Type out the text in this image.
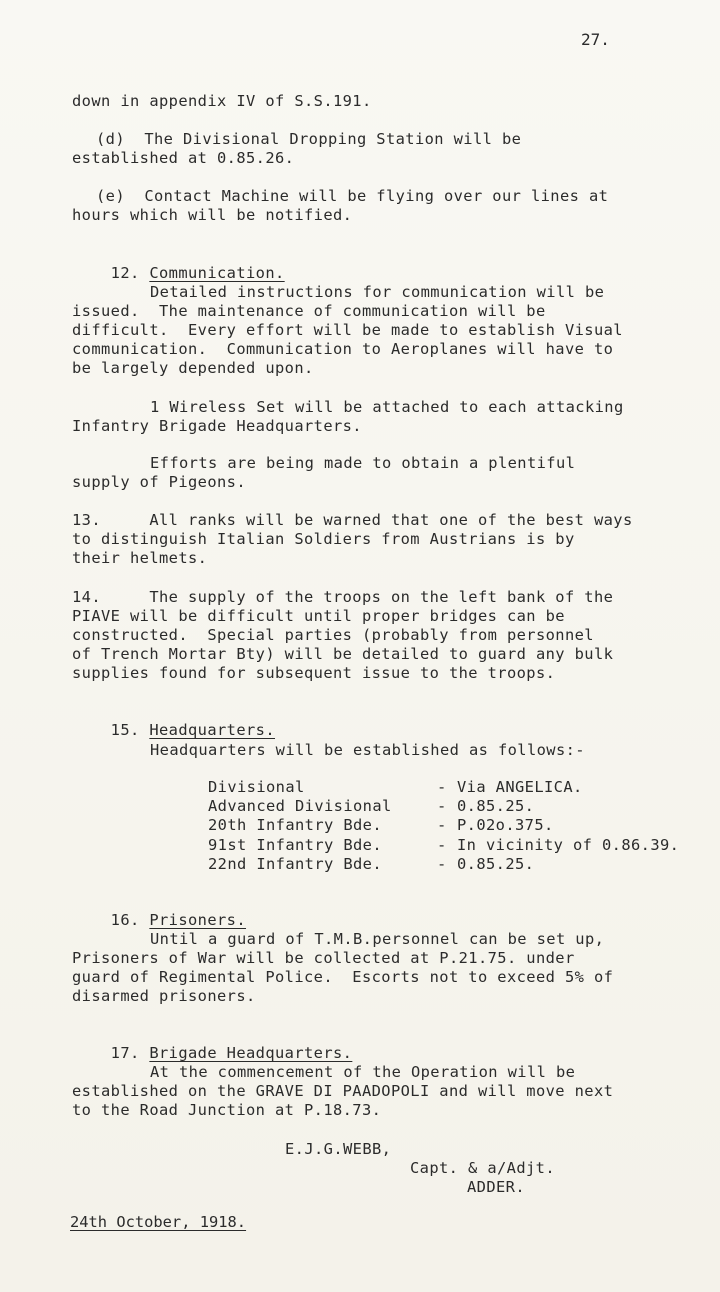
27.
down in appendix IV of S.S.191.
(d)  The Divisional Dropping Station will be
established at 0.85.26.
(e)  Contact Machine will be flying over our lines at
hours which will be notified.

12. Communication.

Detailed instructions for communication will be
issued.  The maintenance of communication will be
difficult.  Every effort will be made to establish Visual
communication.  Communication to Aeroplanes will have to
be largely depended upon.
1 Wireless Set will be attached to each attacking
Infantry Brigade Headquarters.
Efforts are being made to obtain a plentiful
supply of Pigeons.
13.     All ranks will be warned that one of the best ways
to distinguish Italian Soldiers from Austrians is by
their helmets.
14.     The supply of the troops on the left bank of the
PIAVE will be difficult until proper bridges can be
constructed.  Special parties (probably from personnel
of Trench Mortar Bty) will be detailed to guard any bulk
supplies found for subsequent issue to the troops.

15. Headquarters.

Headquarters will be established as follows:-
Divisional	- Via ANGELICA.
Advanced Divisional	- 0.85.25.
20th Infantry Bde.	- P.02o.375.
91st Infantry Bde.	- In vicinity of 0.86.39.
22nd Infantry Bde.	- 0.85.25.

16. Prisoners.

Until a guard of T.M.B.personnel can be set up,
Prisoners of War will be collected at P.21.75. under
guard of Regimental Police.  Escorts not to exceed 5% of
disarmed prisoners.

17. Brigade Headquarters.

At the commencement of the Operation will be
established on the GRAVE DI PAADOPOLI and will move next
to the Road Junction at P.18.73.
E.J.G.WEBB,
Capt. & a/Adjt.
ADDER.
24th October, 1918.
